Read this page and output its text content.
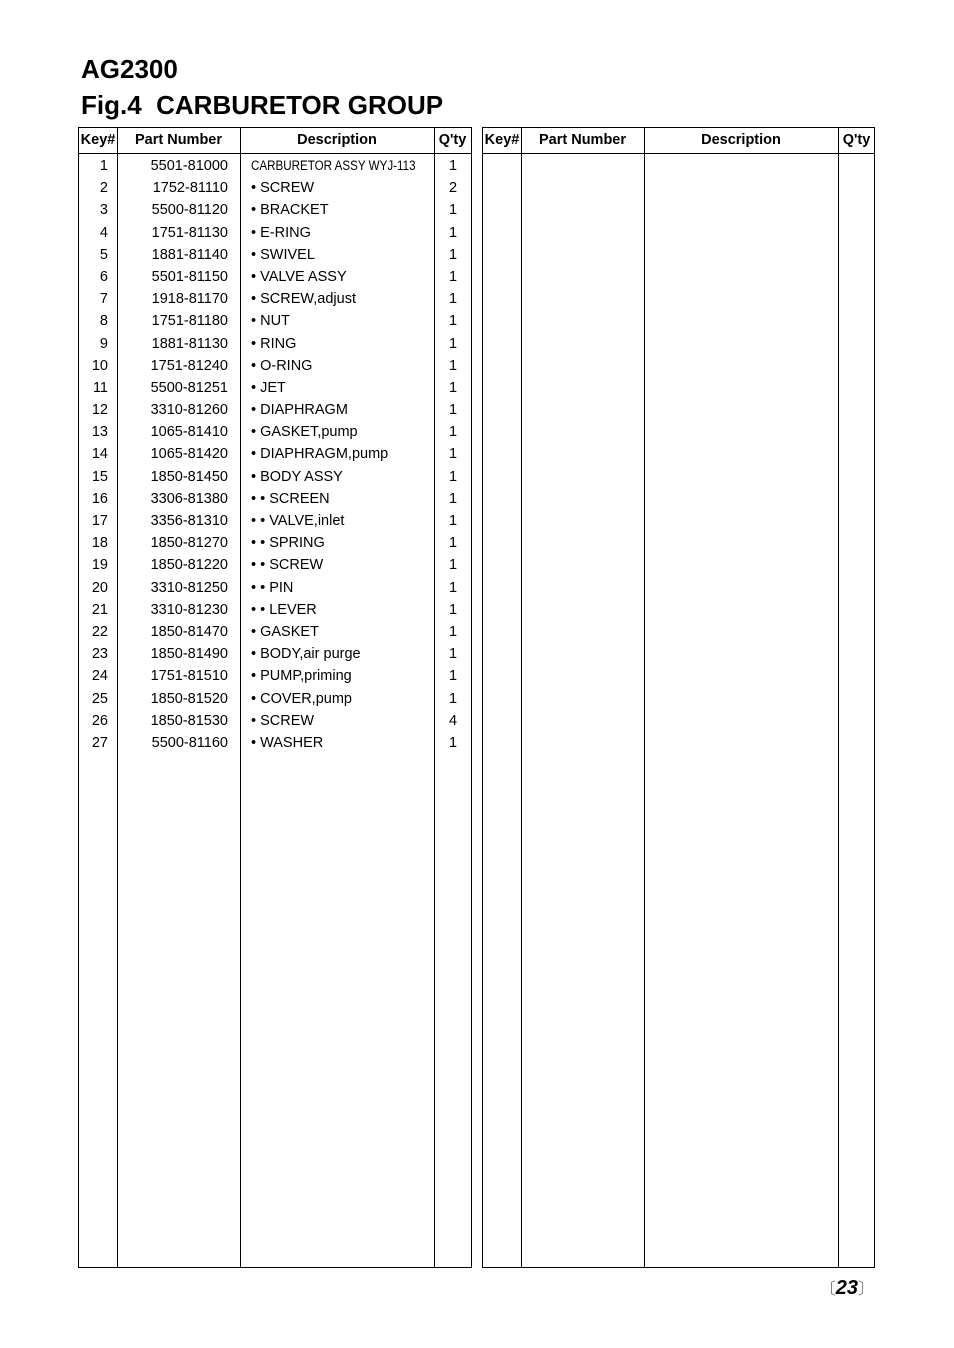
AG2300
Fig.4 CARBURETOR GROUP
Key#	Part Number	Description	Q'ty
1	5501-81000 CARBURETOR ASSY WYJ-113	1
2	1752-81110 • SCREW	2
3	5500-81120 • BRACKET	1
4	1751-81130 • E-RING	1
5	1881-81140 • SWIVEL	1
6	5501-81150 • VALVE ASSY	1
7	1918-81170 • SCREW,adjust	1
8	1751-81180 • NUT	1
9	1881-81130 • RING	1
10	1751-81240 • O-RING	1
11	5500-81251 • JET	1
12	3310-81260 • DIAPHRAGM	1
13	1065-81410 • GASKET,pump	1
14	1065-81420 • DIAPHRAGM,pump	1
15	1850-81450 • BODY ASSY	1
16	3306-81380 • • SCREEN	1
17	3356-81310 • • VALVE,inlet	1
18	1850-81270 • • SPRING	1
19	1850-81220 • • SCREW	1
20	3310-81250 • • PIN	1
21	3310-81230 • • LEVER	1
22	1850-81470 • GASKET	1
23	1850-81490 • BODY,air purge	1
24	1751-81510 • PUMP,priming	1
25	1850-81520 • COVER,pump	1
26	1850-81530 • SCREW	4
27	5500-81160 • WASHER	1
Key#	Part Number	Description	Q'ty
〔23〕
